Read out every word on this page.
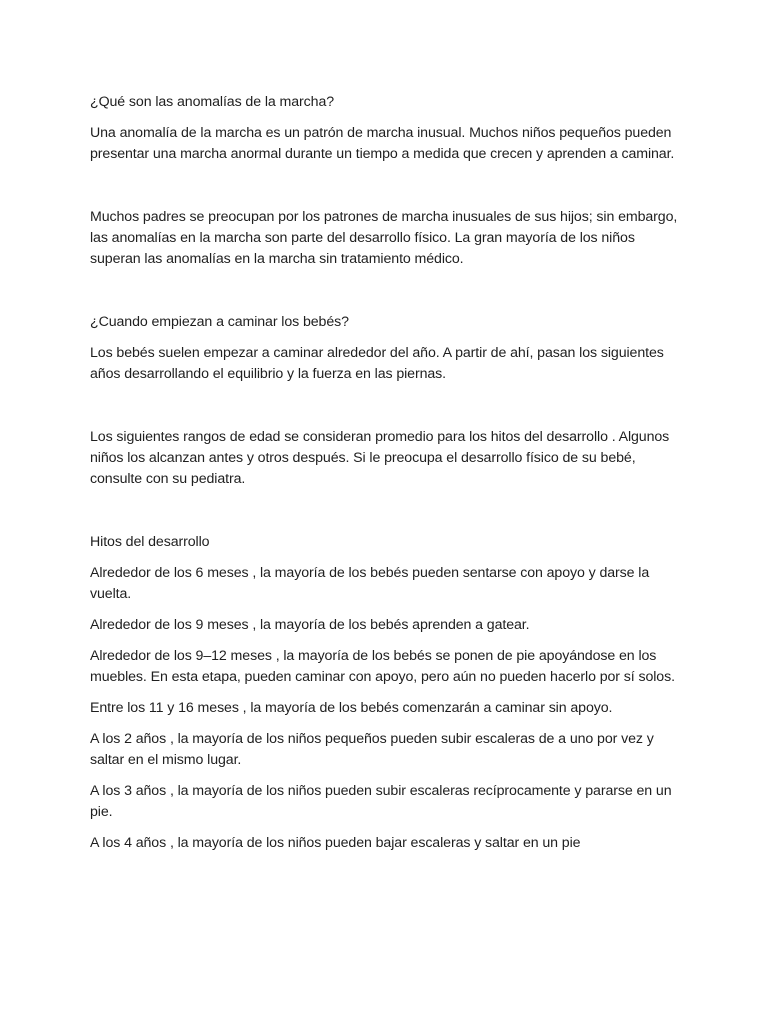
¿Qué son las anomalías de la marcha?

Una anomalía de la marcha es un patrón de marcha inusual. Muchos niños pequeños pueden presentar una marcha anormal durante un tiempo a medida que crecen y aprenden a caminar.

Muchos padres se preocupan por los patrones de marcha inusuales de sus hijos; sin embargo, las anomalías en la marcha son parte del desarrollo físico. La gran mayoría de los niños superan las anomalías en la marcha sin tratamiento médico.

¿Cuando empiezan a caminar los bebés?

Los bebés suelen empezar a caminar alrededor del año. A partir de ahí, pasan los siguientes años desarrollando el equilibrio y la fuerza en las piernas.

Los siguientes rangos de edad se consideran promedio para los hitos del desarrollo . Algunos niños los alcanzan antes y otros después. Si le preocupa el desarrollo físico de su bebé, consulte con su pediatra.

Hitos del desarrollo

Alrededor de los 6 meses , la mayoría de los bebés pueden sentarse con apoyo y darse la vuelta.

Alrededor de los 9 meses , la mayoría de los bebés aprenden a gatear.

Alrededor de los 9–12 meses , la mayoría de los bebés se ponen de pie apoyándose en los muebles. En esta etapa, pueden caminar con apoyo, pero aún no pueden hacerlo por sí solos.

Entre los 11 y 16 meses , la mayoría de los bebés comenzarán a caminar sin apoyo.

A los 2 años , la mayoría de los niños pequeños pueden subir escaleras de a uno por vez y saltar en el mismo lugar.

A los 3 años , la mayoría de los niños pueden subir escaleras recíprocamente y pararse en un pie.

A los 4 años , la mayoría de los niños pueden bajar escaleras y saltar en un pie
